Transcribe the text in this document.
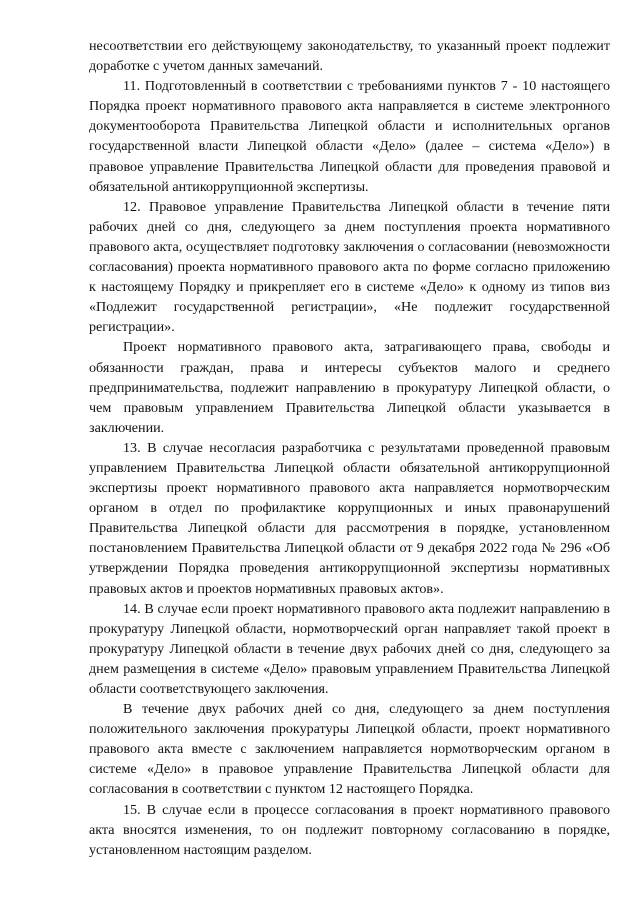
несоответствии его действующему законодательству, то указанный проект подлежит доработке с учетом данных замечаний.

11. Подготовленный в соответствии с требованиями пунктов 7 - 10 настоящего Порядка проект нормативного правового акта направляется в системе электронного документооборота Правительства Липецкой области и исполнительных органов государственной власти Липецкой области «Дело» (далее – система «Дело») в правовое управление Правительства Липецкой области для проведения правовой и обязательной антикоррупционной экспертизы.

12. Правовое управление Правительства Липецкой области в течение пяти рабочих дней со дня, следующего за днем поступления проекта нормативного правового акта, осуществляет подготовку заключения о согласовании (невозможности согласования) проекта нормативного правового акта по форме согласно приложению к настоящему Порядку и прикрепляет его в системе «Дело» к одному из типов виз «Подлежит государственной регистрации», «Не подлежит государственной регистрации».

Проект нормативного правового акта, затрагивающего права, свободы и обязанности граждан, права и интересы субъектов малого и среднего предпринимательства, подлежит направлению в прокуратуру Липецкой области, о чем правовым управлением Правительства Липецкой области указывается в заключении.

13. В случае несогласия разработчика с результатами проведенной правовым управлением Правительства Липецкой области обязательной антикоррупционной экспертизы проект нормативного правового акта направляется нормотворческим органом в отдел по профилактике коррупционных и иных правонарушений Правительства Липецкой области для рассмотрения в порядке, установленном постановлением Правительства Липецкой области от 9 декабря 2022 года № 296 «Об утверждении Порядка проведения антикоррупционной экспертизы нормативных правовых актов и проектов нормативных правовых актов».

14. В случае если проект нормативного правового акта подлежит направлению в прокуратуру Липецкой области, нормотворческий орган направляет такой проект в прокуратуру Липецкой области в течение двух рабочих дней со дня, следующего за днем размещения в системе «Дело» правовым управлением Правительства Липецкой области соответствующего заключения.

В течение двух рабочих дней со дня, следующего за днем поступления положительного заключения прокуратуры Липецкой области, проект нормативного правового акта вместе с заключением направляется нормотворческим органом в системе «Дело» в правовое управление Правительства Липецкой области для согласования в соответствии с пунктом 12 настоящего Порядка.

15. В случае если в процессе согласования в проект нормативного правового акта вносятся изменения, то он подлежит повторному согласованию в порядке, установленном настоящим разделом.
